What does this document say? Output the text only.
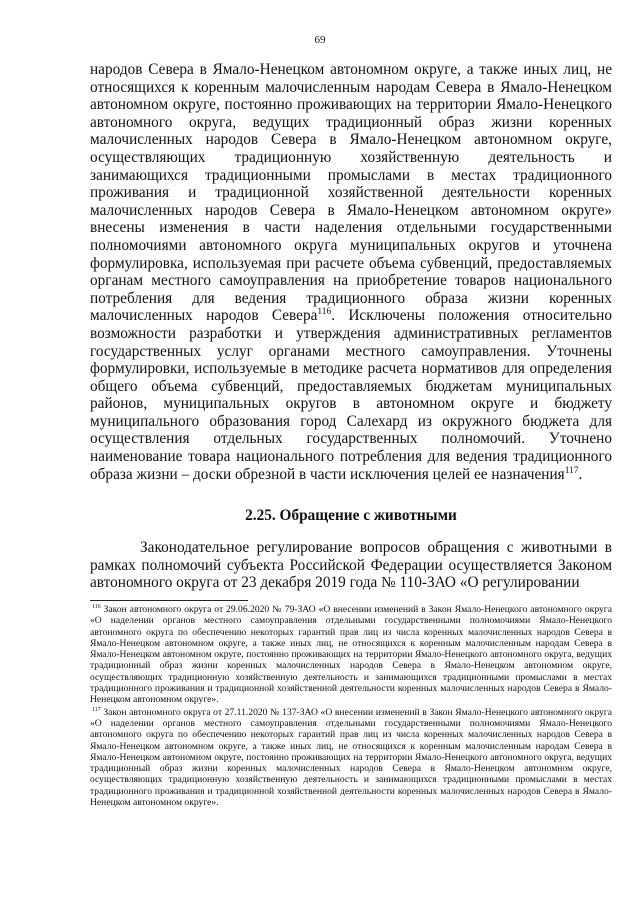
69

народов Севера в Ямало-Ненецком автономном округе, а также иных лиц, не относящихся к коренным малочисленным народам Севера в Ямало-Ненецком автономном округе, постоянно проживающих на территории Ямало-Ненецкого автономного округа, ведущих традиционный образ жизни коренных малочисленных народов Севера в Ямало-Ненецком автономном округе, осуществляющих традиционную хозяйственную деятельность и занимающихся традиционными промыслами в местах традиционного проживания и традиционной хозяйственной деятельности коренных малочисленных народов Севера в Ямало-Ненецком автономном округе» внесены изменения в части наделения отдельными государственными полномочиями автономного округа муниципальных округов и уточнена формулировка, используемая при расчете объема субвенций, предоставляемых органам местного самоуправления на приобретение товаров национального потребления для ведения традиционного образа жизни коренных малочисленных народов Севера$^{116}$. Исключены положения относительно возможности разработки и утверждения административных регламентов государственных услуг органами местного самоуправления. Уточнены формулировки, используемые в методике расчета нормативов для определения общего объема субвенций, предоставляемых бюджетам муниципальных районов, муниципальных округов в автономном округе и бюджету муниципального образования город Салехард из окружного бюджета для осуществления отдельных государственных полномочий. Уточнено наименование товара национального потребления для ведения традиционного образа жизни – доски обрезной в части исключения целей ее назначения$^{117}$.

2.25. Обращение с животными

Законодательное регулирование вопросов обращения с животными в рамках полномочий субъекта Российской Федерации осуществляется Законом автономного округа от 23 декабря 2019 года № 110-ЗАО «О регулировании

$^{116}$ Закон автономного округа от 29.06.2020 № 79-ЗАО «О внесении изменений в Закон Ямало-Ненецкого автономного округа «О наделении органов местного самоуправления отдельными государственными полномочиями Ямало-Ненецкого автономного округа по обеспечению некоторых гарантий прав лиц из числа коренных малочисленных народов Севера в Ямало-Ненецком автономном округе, а также иных лиц, не относящихся к коренным малочисленным народам Севера в Ямало-Ненецком автономном округе, постоянно проживающих на территории Ямало-Ненецкого автономного округа, ведущих традиционный образ жизни коренных малочисленных народов Севера в Ямало-Ненецком автономном округе, осуществляющих традиционную хозяйственную деятельность и занимающихся традиционными промыслами в местах традиционного проживания и традиционной хозяйственной деятельности коренных малочисленных народов Севера в Ямало-Ненецком автономном округе».

$^{117}$ Закон автономного округа от 27.11.2020 № 137-ЗАО «О внесении изменений в Закон Ямало-Ненецкого автономного округа «О наделении органов местного самоуправления отдельными государственными полномочиями Ямало-Ненецкого автономного округа по обеспечению некоторых гарантий прав лиц из числа коренных малочисленных народов Севера в Ямало-Ненецком автономном округе, а также иных лиц, не относящихся к коренным малочисленным народам Севера в Ямало-Ненецком автономном округе, постоянно проживающих на территории Ямало-Ненецкого автономного округа, ведущих традиционный образ жизни коренных малочисленных народов Севера в Ямало-Ненецком автономном округе, осуществляющих традиционную хозяйственную деятельность и занимающихся традиционными промыслами в местах традиционного проживания и традиционной хозяйственной деятельности коренных малочисленных народов Севера в Ямало-Ненецком автономном округе».
